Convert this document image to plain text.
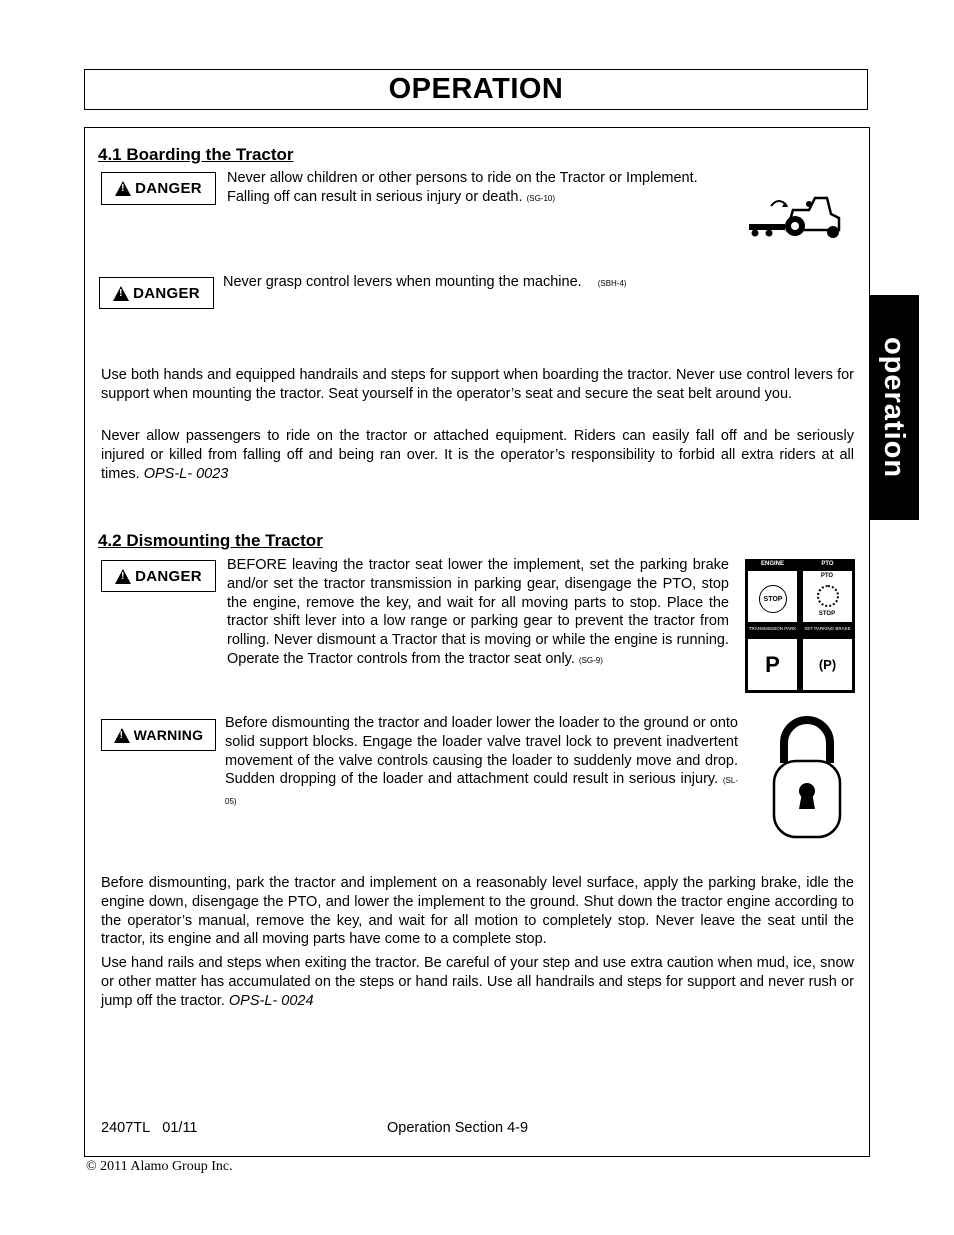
OPERATION
operation
4.1 Boarding the Tractor
!
DANGER
Never allow children or other persons to ride on the Tractor or Implement. Falling off can result in serious injury or death. (SG-10)
!
DANGER
Never grasp control levers when mounting the machine. (SBH-4)

Use both hands and equipped handrails and steps for support when boarding the tractor. Never use control levers for support when mounting the tractor. Seat yourself in the operator’s seat and secure the seat belt around you.

Never allow passengers to ride on the tractor or attached equipment. Riders can easily fall off and be seriously injured or killed from falling off and being ran over. It is the operator’s responsibility to forbid all extra riders at all times. OPS-L- 0023
4.2 Dismounting the Tractor
!
DANGER
BEFORE leaving the tractor seat lower the implement, set the parking brake and/or set the tractor transmission in parking gear, disengage the PTO, stop the engine, remove the key, and wait for all moving parts to stop. Place the tractor shift lever into a low range or parking gear to prevent the tractor from rolling. Never dismount a Tractor that is moving or while the engine is running. Operate the Tractor controls from the tractor seat only. (SG-9)
ENGINE	PTO
STOP
PTO
STOP
TRANSMISSION PARK	SET PARKING BRAKE
P	(P)
!
WARNING
Before dismounting the tractor and loader lower the loader to the ground or onto solid support blocks. Engage the loader valve travel lock to prevent inadvertent movement of the valve controls causing the loader to suddenly move and drop. Sudden dropping of the loader and attachment could result in serious injury. (SL-05)

Before dismounting, park the tractor and implement on a reasonably level surface, apply the parking brake, idle the engine down, disengage the PTO, and lower the implement to the ground. Shut down the tractor engine according to the operator’s manual, remove the key, and wait for all motion to completely stop. Never leave the seat until the tractor, its engine and all moving parts have come to a complete stop.

Use hand rails and steps when exiting the tractor. Be careful of your step and use extra caution when mud, ice, snow or other matter has accumulated on the steps or hand rails. Use all handrails and steps for support and never rush or jump off the tractor. OPS-L- 0024
2407TL 01/11	Operation Section 4-9
© 2011 Alamo Group Inc.
